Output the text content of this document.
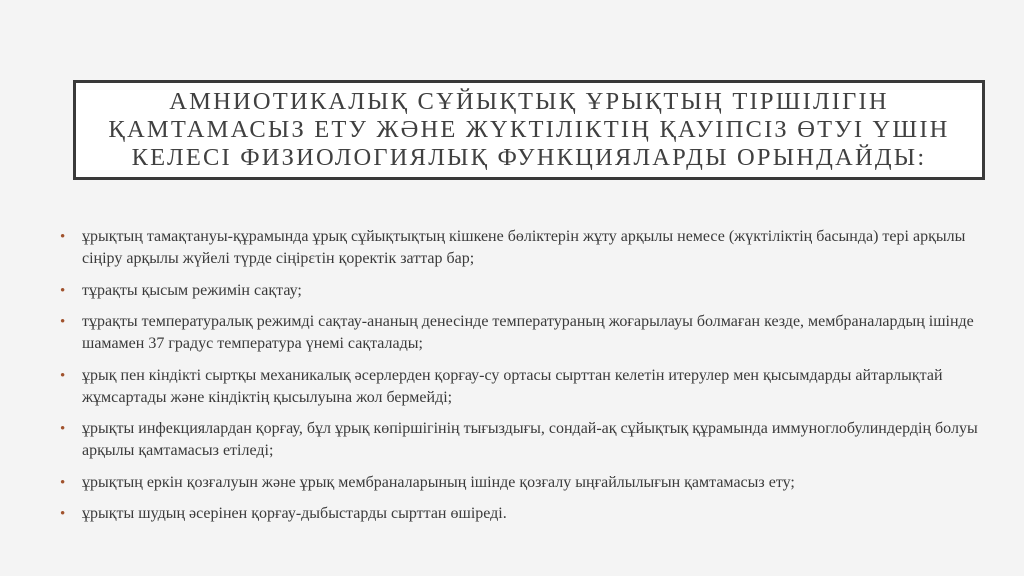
АМНИОТИКАЛЫҚ СҰЙЫҚТЫҚ ҰРЫҚТЫҢ ТІРШІЛІГІН
ҚАМТАМАСЫЗ ЕТУ ЖӘНЕ ЖҮКТІЛІКТІҢ ҚАУІПСІЗ ӨТУІ ҮШІН
КЕЛЕСІ ФИЗИОЛОГИЯЛЫҚ ФУНКЦИЯЛАРДЫ ОРЫНДАЙДЫ:
• ұрықтың тамақтануы-құрамында ұрық сұйықтықтың кішкене бөліктерін жұту арқылы немесе (жүктіліктің басында) тері арқылы сіңіру арқылы жүйелі түрде сіңірετін қоректік заттар бар;
• тұрақты қысым режимін сақтау;
• тұрақты температуралық режимді сақтау-ананың денесінде температураның жоғарылауы болмаған кезде, мембраналардың ішінде шамамен 37 градус температура үнемі сақталады;
• ұрық пен кіндікті сыртқы механикалық әсерлерден қорғау-су ортасы сырттан келетін итерулер мен қысымдарды айтарлықтай жұмсартады және кіндіктің қысылуына жол бермейді;
• ұрықты инфекциялардан қорғау, бұл ұрық көпіршігінің тығыздығы, сондай-ақ сұйықтық құрамында иммуноглобулиндердің болуы арқылы қамтамасыз етіледі;
• ұрықтың еркін қозғалуын және ұрық мембраналарының ішінде қозғалу ыңғайлылығын қамтамасыз ету;
• ұрықты шудың әсерінен қорғау-дыбыстарды сырттан өшіреді.
